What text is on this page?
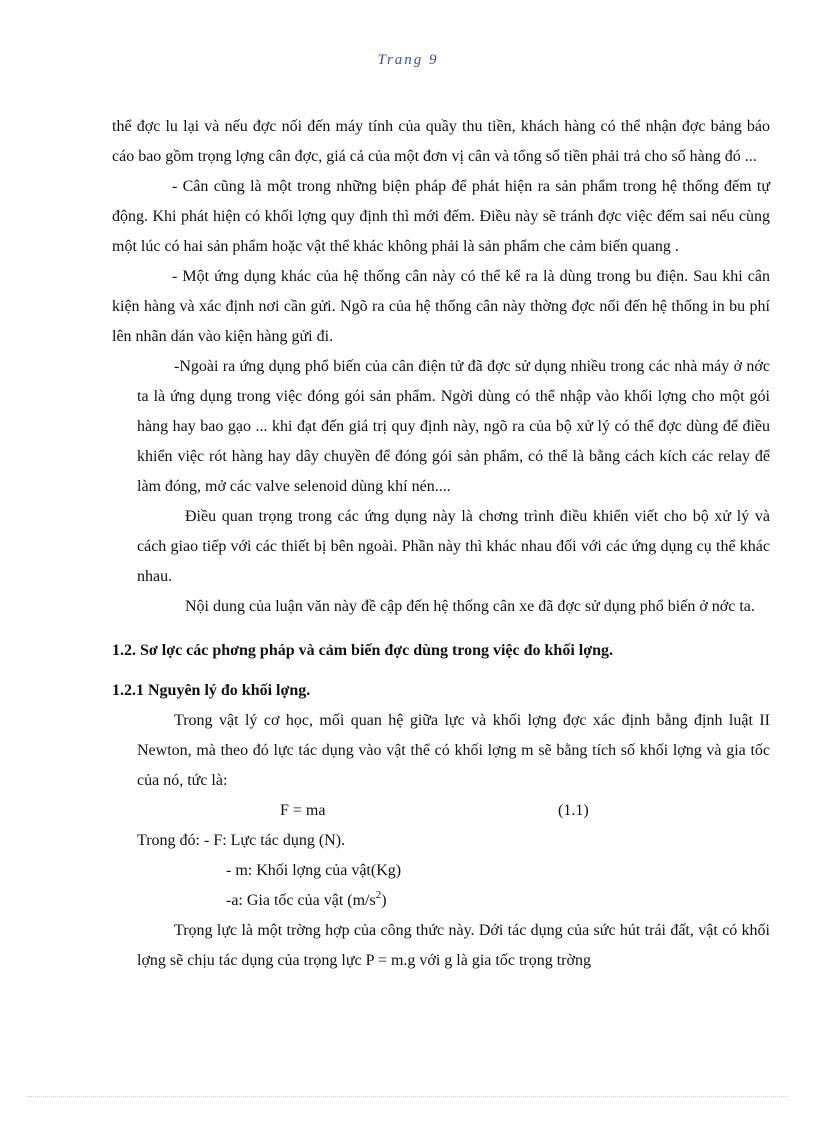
Trang 9

thể đợc lu lại và nếu đợc nối đến máy tính của quầy thu tiền, khách hàng có thể nhận đợc bảng báo cáo bao gồm trọng lợng cân đợc, giá cả của một đơn vị cân và tổng số tiền phải trả cho số hàng đó ...

- Cân cũng là một trong những biện pháp để phát hiện ra sản phẩm trong hệ thống đếm tự động. Khi phát hiện có khối lợng quy định thì mới đếm. Điều này sẽ tránh đợc việc đếm sai nếu cùng một lúc có hai sản phẩm hoặc vật thể khác không phải là sản phẩm che cảm biến quang .

- Một ứng dụng khác của hệ thống cân này có thể kể ra là dùng trong bu điện. Sau khi cân kiện hàng và xác định nơi cần gửi. Ngõ ra của hệ thống cân này thờng đợc nối đến hệ thống in bu phí lên nhãn dán vào kiện hàng gửi đi.

-Ngoài ra ứng dụng phổ biến của cân điện tử đã đợc sử dụng nhiều trong các nhà máy ở nớc ta là ứng dụng trong việc đóng gói sản phẩm. Ngời dùng có thể nhập vào khối lợng cho một gói hàng hay bao gạo ... khi đạt đến giá trị quy định này, ngõ ra của bộ xử lý có thể đợc dùng để điều khiển việc rót hàng hay dây chuyền để đóng gói sản phẩm, có thể là bằng cách kích các relay để làm đóng, mở các valve selenoid dùng khí nén....

Điều quan trọng trong các ứng dụng này là chơng trình điều khiển viết cho bộ xử lý và cách giao tiếp với các thiết bị bên ngoài. Phần này thì khác nhau đối với các ứng dụng cụ thể khác nhau.

Nội dung của luận văn này đề cập đến hệ thống cân xe đã đợc sử dụng phổ biến ở nớc ta.

1.2. Sơ lợc các phơng pháp và cảm biến đợc dùng trong việc đo khối lợng.

1.2.1 Nguyên lý đo khối lợng.

Trong vật lý cơ học, mối quan hệ giữa lực và khối lợng đợc xác định bằng định luật II Newton, mà theo đó lực tác dụng vào vật thể có khối lợng m sẽ bằng tích số khối lợng và gia tốc của nó, tức là:

F = ma	(1.1)
Trong đó: - F: Lực tác dụng (N).
- m: Khối lợng của vật(Kg)
-a: Gia tốc của vật $(m/s^2)$

Trọng lực là một trờng hợp của công thức này. Dới tác dụng của sức hút trái đất, vật có khối lợng sẽ chịu tác dụng của trọng lực P = m.g với g là gia tốc trọng trờng
